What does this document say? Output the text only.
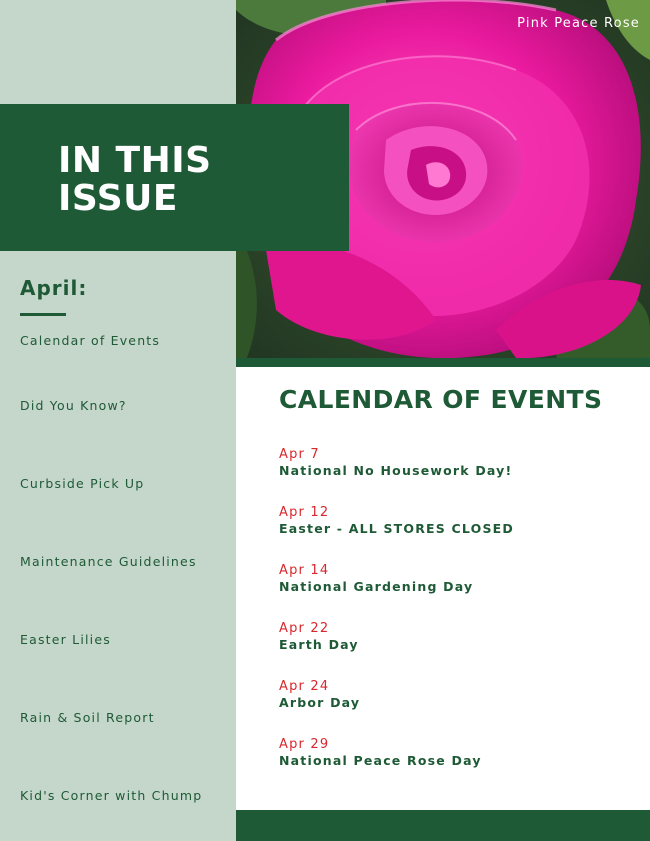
April:
Calendar of Events
Did You Know?
Curbside Pick Up
Maintenance Guidelines
Easter Lilies
Rain & Soil Report
Kid's Corner with Chump
Pink Peace Rose
IN THIS ISSUE
CALENDAR OF EVENTS
Apr 7
National No Housework Day!
Apr 12
Easter - ALL STORES CLOSED
Apr 14
National Gardening Day
Apr 22
Earth Day
Apr 24
Arbor Day
Apr 29
National Peace Rose Day
